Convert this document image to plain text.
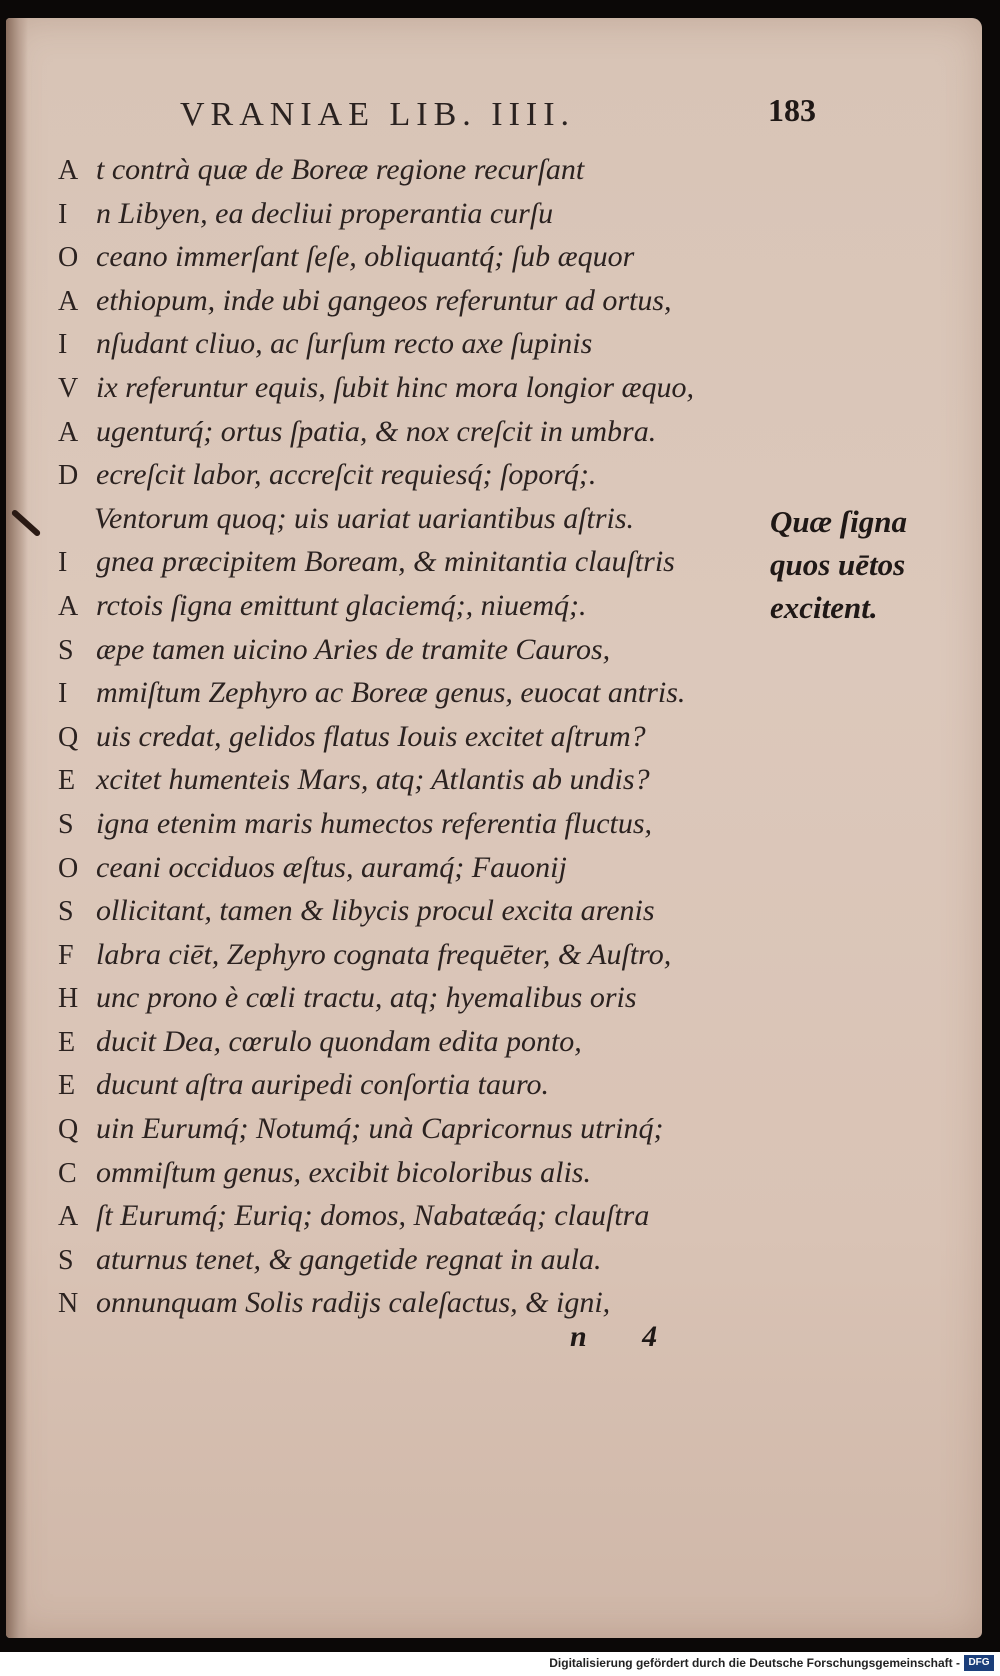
VRANIAE LIB. IIII.	183
A t contrà quæ de Boreæ regione recurſant
I n Libyen, ea decliui properantia curſu
O ceano immerſant ſeſe, obliquantq́; ſub æquor
A ethiopum, inde ubi gangeos referuntur ad ortus,
I nſudant cliuo, ac ſurſum recto axe ſupinis
V ix referuntur equis, ſubit hinc mora longior æquo,
A ugenturq́; ortus ſpatia, & nox creſcit in umbra.
D ecreſcit labor, accreſcit requiesq́; ſoporq́;.
Ventorum quoq; uis uariat uariantibus aſtris.
I gnea præcipitem Boream, & minitantia clauſtris
A rctois ſigna emittunt glaciemq́;, niuemq́;.
S æpe tamen uicino Aries de tramite Cauros,
I mmiſtum Zephyro ac Boreæ genus, euocat antris.
Q uis credat, gelidos flatus Iouis excitet aſtrum?
E xcitet humenteis Mars, atq; Atlantis ab undis?
S igna etenim maris humectos referentia fluctus,
O ceani occiduos æſtus, auramq́; Fauonij
S ollicitant, tamen & libycis procul excita arenis
F labra ciēt, Zephyro cognata frequēter, & Auſtro,
H unc prono è cœli tractu, atq; hyemalibus oris
E ducit Dea, cœrulo quondam edita ponto,
E ducunt aſtra auripedi conſortia tauro.
Q uin Eurumq́; Notumq́; unà Capricornus utrinq́;
C ommiſtum genus, excibit bicoloribus alis.
A ſt Eurumq́; Euriq; domos, Nabatæáq; clauſtra
S aturnus tenet, & gangetide regnat in aula.
N onnunquam Solis radijs caleſactus, & igni,
Quæ ſigna
quos uētos
excitent.
n 4
Digitalisierung gefördert durch die Deutsche Forschungsgemeinschaft - DFG
